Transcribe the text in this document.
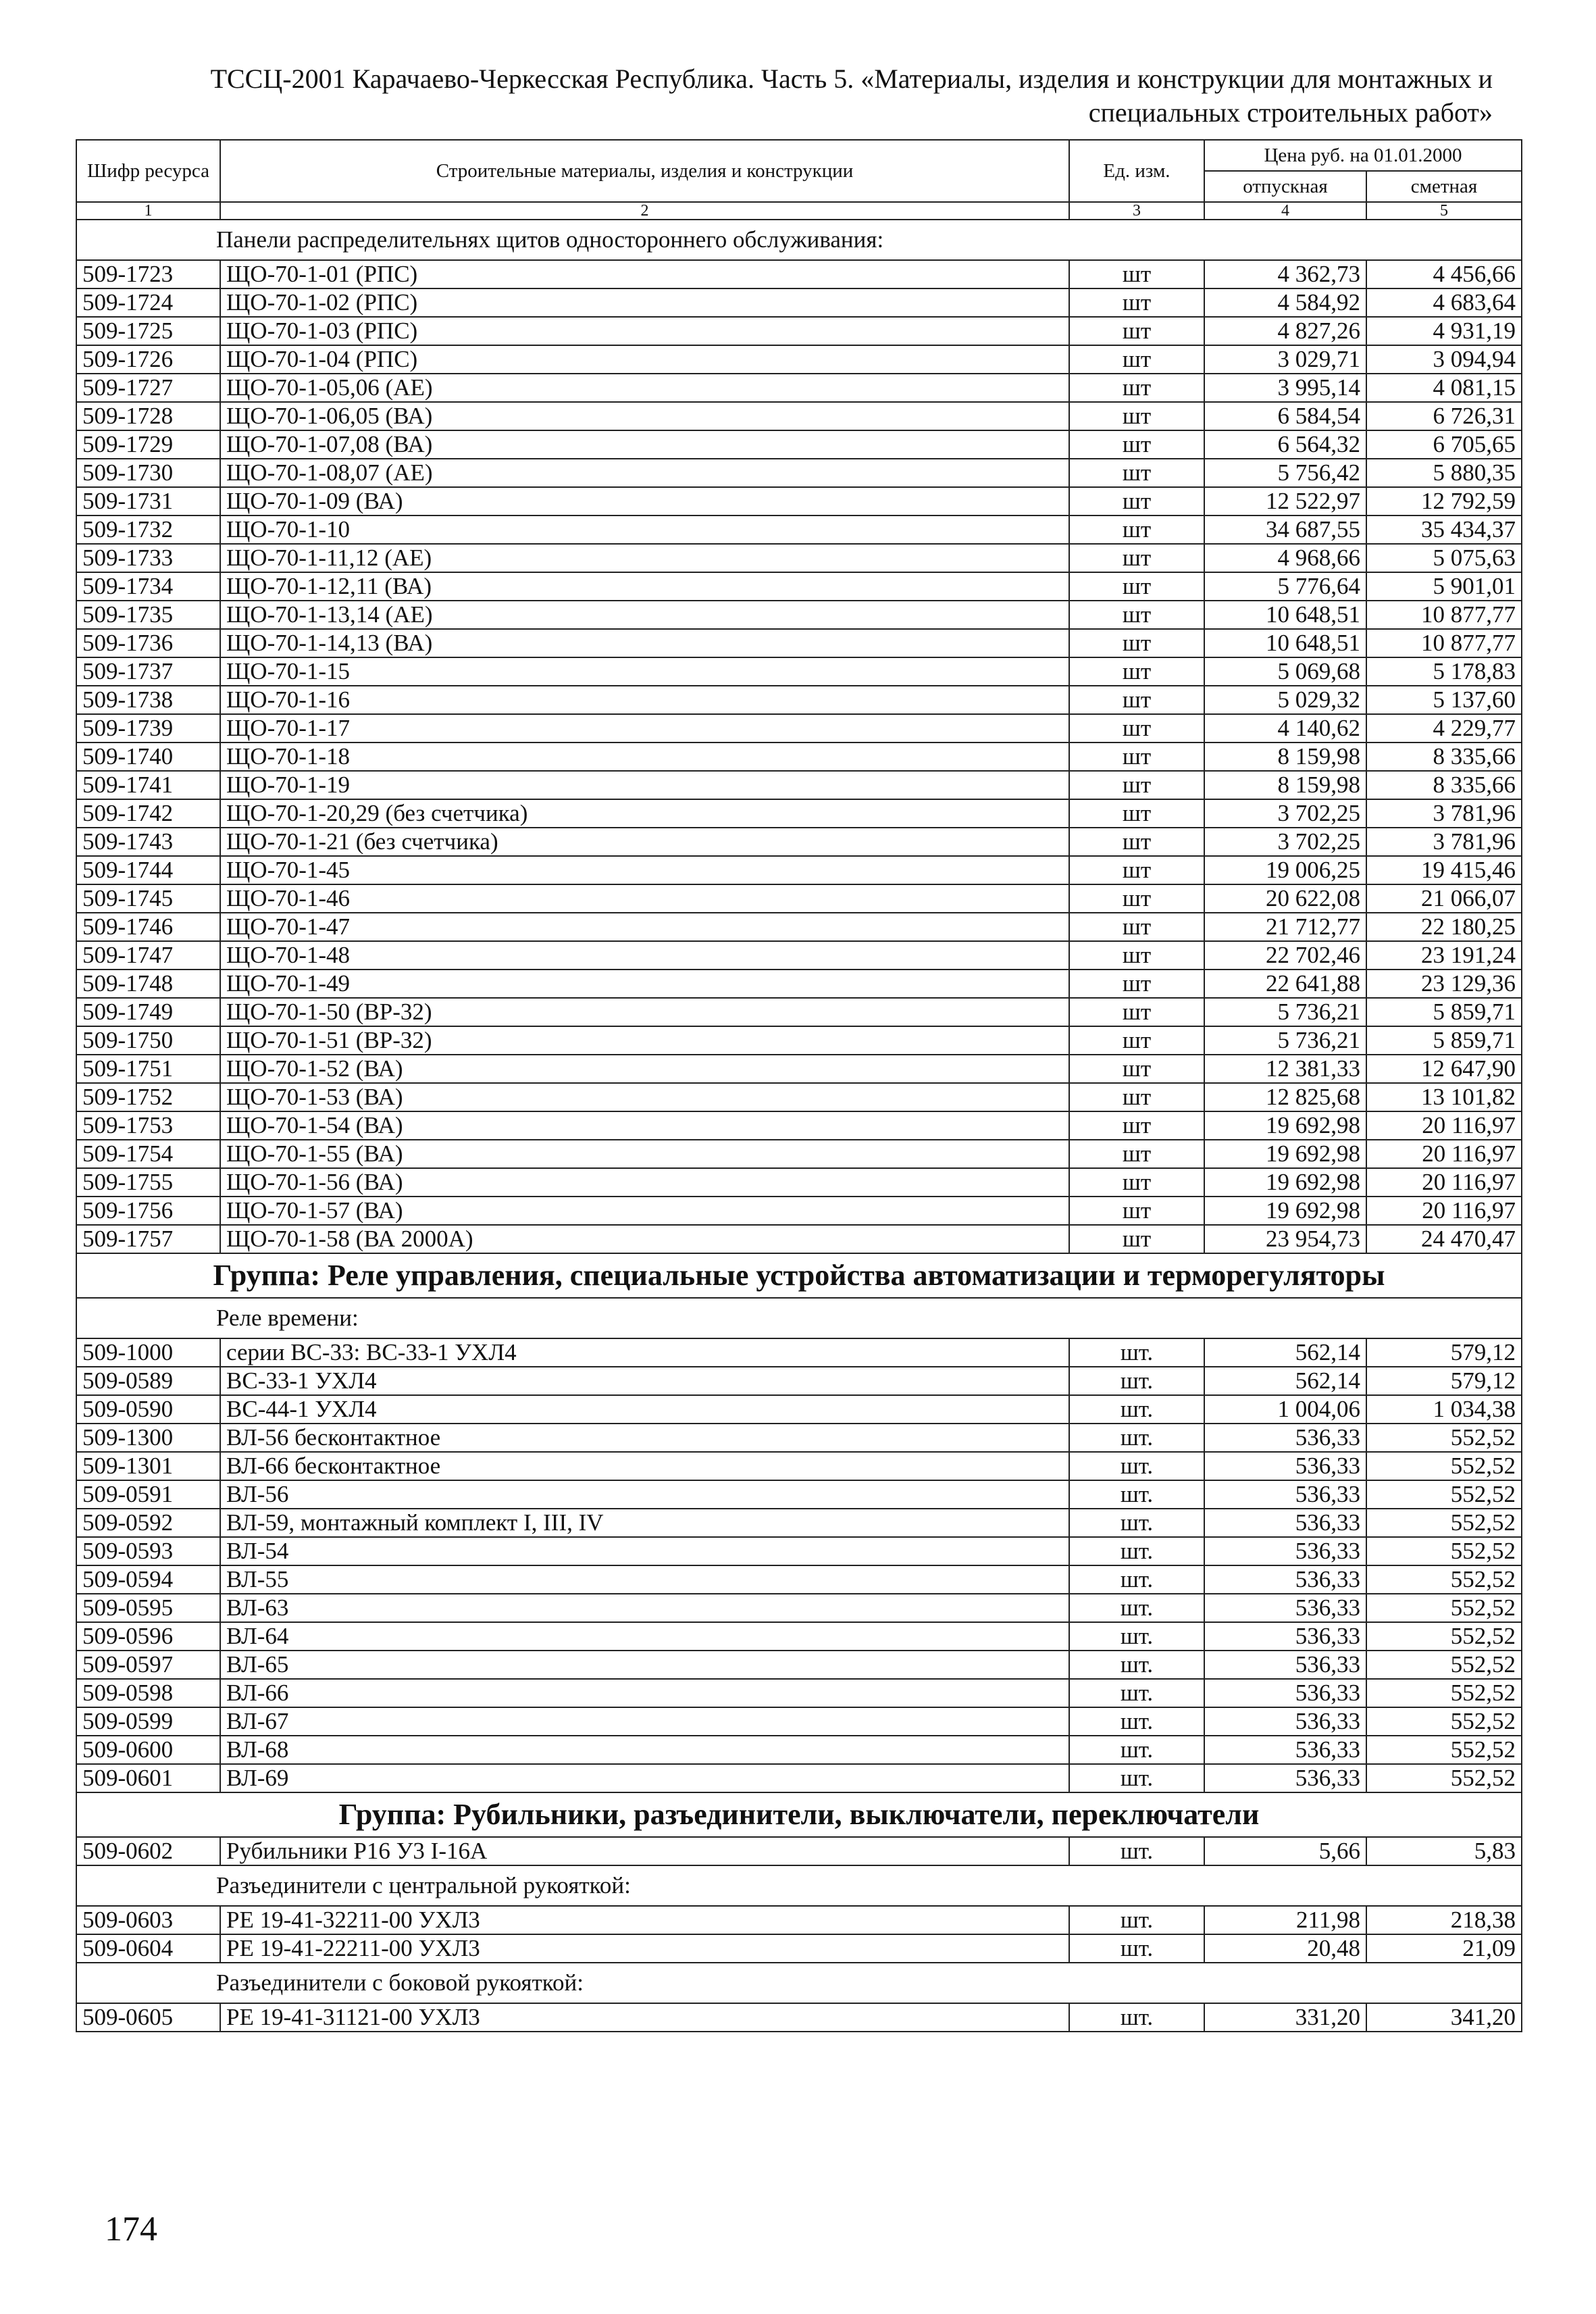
ТССЦ-2001 Карачаево-Черкесская Республика. Часть 5. «Материалы, изделия и конструкции для монтажных и
специальных строительных работ»
Шифр ресурса	Строительные материалы, изделия и конструкции	Ед. изм.	Цена руб. на 01.01.2000	
			отпускная	сметная
1	2	3	4	5
Панели распределительнях щитов одностороннего обслуживания:				
509-1723	ЩО-70-1-01 (РПС)	шт	4 362,73	4 456,66
509-1724	ЩО-70-1-02 (РПС)	шт	4 584,92	4 683,64
509-1725	ЩО-70-1-03 (РПС)	шт	4 827,26	4 931,19
509-1726	ЩО-70-1-04 (РПС)	шт	3 029,71	3 094,94
509-1727	ЩО-70-1-05,06 (АЕ)	шт	3 995,14	4 081,15
509-1728	ЩО-70-1-06,05 (ВА)	шт	6 584,54	6 726,31
509-1729	ЩО-70-1-07,08 (ВА)	шт	6 564,32	6 705,65
509-1730	ЩО-70-1-08,07 (АЕ)	шт	5 756,42	5 880,35
509-1731	ЩО-70-1-09 (ВА)	шт	12 522,97	12 792,59
509-1732	ЩО-70-1-10	шт	34 687,55	35 434,37
509-1733	ЩО-70-1-11,12 (АЕ)	шт	4 968,66	5 075,63
509-1734	ЩО-70-1-12,11 (ВА)	шт	5 776,64	5 901,01
509-1735	ЩО-70-1-13,14 (АЕ)	шт	10 648,51	10 877,77
509-1736	ЩО-70-1-14,13 (ВА)	шт	10 648,51	10 877,77
509-1737	ЩО-70-1-15	шт	5 069,68	5 178,83
509-1738	ЩО-70-1-16	шт	5 029,32	5 137,60
509-1739	ЩО-70-1-17	шт	4 140,62	4 229,77
509-1740	ЩО-70-1-18	шт	8 159,98	8 335,66
509-1741	ЩО-70-1-19	шт	8 159,98	8 335,66
509-1742	ЩО-70-1-20,29 (без счетчика)	шт	3 702,25	3 781,96
509-1743	ЩО-70-1-21 (без счетчика)	шт	3 702,25	3 781,96
509-1744	ЩО-70-1-45	шт	19 006,25	19 415,46
509-1745	ЩО-70-1-46	шт	20 622,08	21 066,07
509-1746	ЩО-70-1-47	шт	21 712,77	22 180,25
509-1747	ЩО-70-1-48	шт	22 702,46	23 191,24
509-1748	ЩО-70-1-49	шт	22 641,88	23 129,36
509-1749	ЩО-70-1-50 (ВР-32)	шт	5 736,21	5 859,71
509-1750	ЩО-70-1-51 (ВР-32)	шт	5 736,21	5 859,71
509-1751	ЩО-70-1-52 (ВА)	шт	12 381,33	12 647,90
509-1752	ЩО-70-1-53 (ВА)	шт	12 825,68	13 101,82
509-1753	ЩО-70-1-54 (ВА)	шт	19 692,98	20 116,97
509-1754	ЩО-70-1-55 (ВА)	шт	19 692,98	20 116,97
509-1755	ЩО-70-1-56 (ВА)	шт	19 692,98	20 116,97
509-1756	ЩО-70-1-57 (ВА)	шт	19 692,98	20 116,97
509-1757	ЩО-70-1-58 (ВА 2000А)	шт	23 954,73	24 470,47
Группа: Реле управления, специальные устройства автоматизации и терморегуляторы				
Реле времени:				
509-1000	серии ВС-33: ВС-33-1 УХЛ4	шт.	562,14	579,12
509-0589	ВС-33-1 УХЛ4	шт.	562,14	579,12
509-0590	ВС-44-1 УХЛ4	шт.	1 004,06	1 034,38
509-1300	ВЛ-56 бесконтактное	шт.	536,33	552,52
509-1301	ВЛ-66 бесконтактное	шт.	536,33	552,52
509-0591	ВЛ-56	шт.	536,33	552,52
509-0592	ВЛ-59, монтажный комплект I, III, IV	шт.	536,33	552,52
509-0593	ВЛ-54	шт.	536,33	552,52
509-0594	ВЛ-55	шт.	536,33	552,52
509-0595	ВЛ-63	шт.	536,33	552,52
509-0596	ВЛ-64	шт.	536,33	552,52
509-0597	ВЛ-65	шт.	536,33	552,52
509-0598	ВЛ-66	шт.	536,33	552,52
509-0599	ВЛ-67	шт.	536,33	552,52
509-0600	ВЛ-68	шт.	536,33	552,52
509-0601	ВЛ-69	шт.	536,33	552,52
Группа: Рубильники, разъединители, выключатели, переключатели				
509-0602	Рубильники Р16 У3 I-16А	шт.	5,66	5,83
Разъединители с центральной рукояткой:				
509-0603	РЕ 19-41-32211-00 УХЛ3	шт.	211,98	218,38
509-0604	РЕ 19-41-22211-00 УХЛ3	шт.	20,48	21,09
Разъединители с боковой рукояткой:				
509-0605	РЕ 19-41-31121-00 УХЛ3	шт.	331,20	341,20
174
